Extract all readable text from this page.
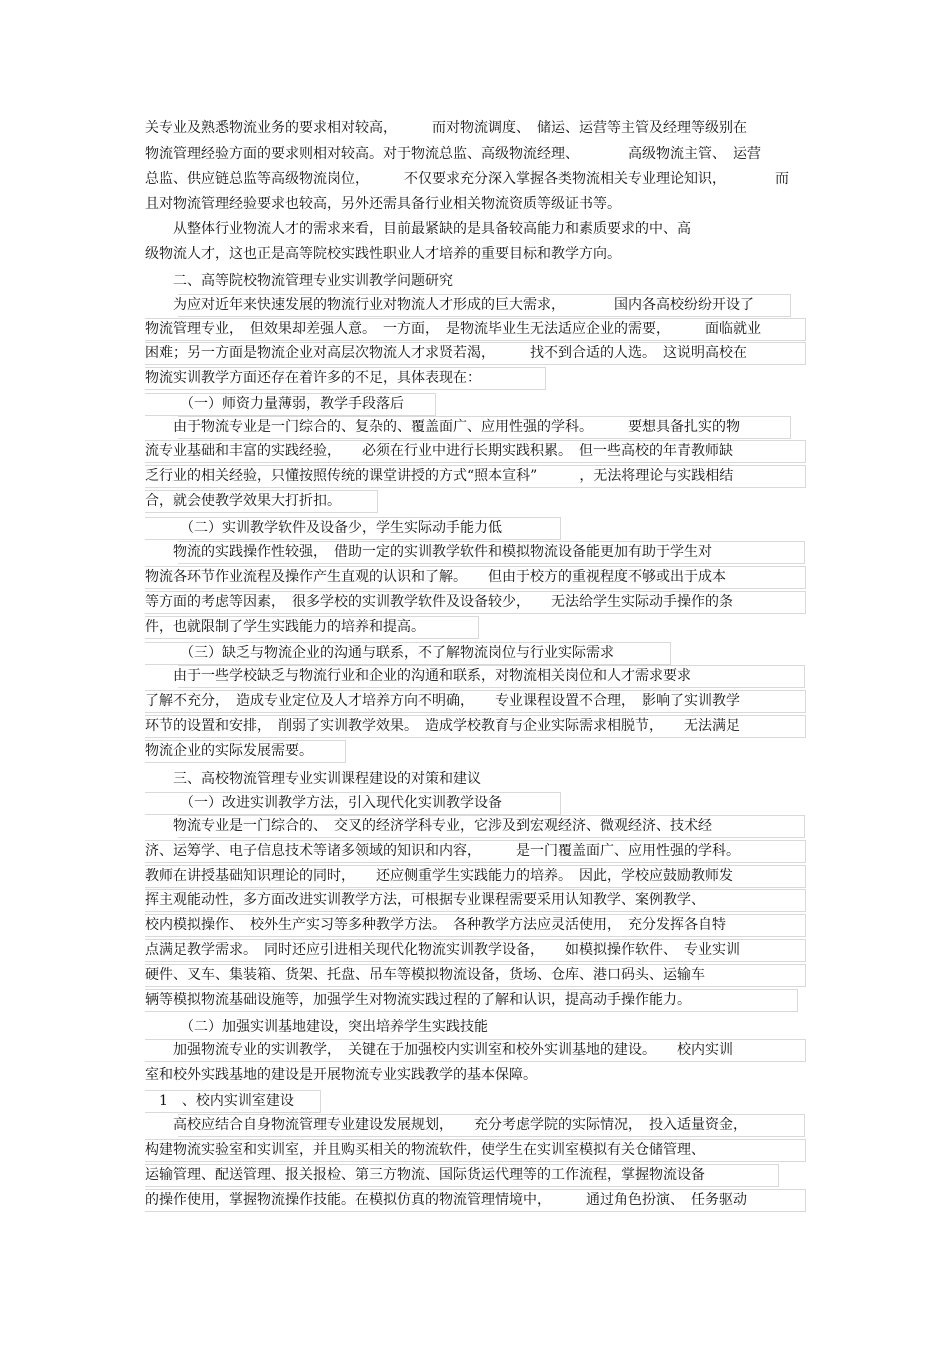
关专业及熟悉物流业务的要求相对较高，　　　而对物流调度、　储运、运营等主管及经理等级别在
物流管理经验方面的要求则相对较高。对于物流总监、高级物流经理、　　　　高级物流主管、　运营
总监、供应链总监等高级物流岗位，　　　不仅要求充分深入掌握各类物流相关专业理论知识，　　　　而
且对物流管理经验要求也较高，另外还需具备行业相关物流资质等级证书等。
　　从整体行业物流人才的需求来看，目前最紧缺的是具备较高能力和素质要求的中、高
级物流人才，这也正是高等院校实践性职业人才培养的重要目标和教学方向。
　　二、高等院校物流管理专业实训教学问题研究
　　为应对近年来快速发展的物流行业对物流人才形成的巨大需求，　　　　国内各高校纷纷开设了
物流管理专业，　但效果却差强人意。　一方面，　是物流毕业生无法适应企业的需要，　　　面临就业
困难；另一方面是物流企业对高层次物流人才求贤若渴，　　　找不到合适的人选。　这说明高校在
物流实训教学方面还存在着许多的不足，具体表现在：
　　　（一）师资力量薄弱，教学手段落后
　　由于物流专业是一门综合的、复杂的、覆盖面广、应用性强的学科。　　　要想具备扎实的物
流专业基础和丰富的实践经验，　　必须在行业中进行长期实践积累。　但一些高校的年青教师缺
乏行业的相关经验，只懂按照传统的课堂讲授的方式“照本宣科”　　　，无法将理论与实践相结
合，就会使教学效果大打折扣。
　　　（二）实训教学软件及设备少，学生实际动手能力低
　　物流的实践操作性较强，　借助一定的实训教学软件和模拟物流设备能更加有助于学生对
物流各环节作业流程及操作产生直观的认识和了解。　　但由于校方的重视程度不够或出于成本
等方面的考虑等因素，　很多学校的实训教学软件及设备较少，　　无法给学生实际动手操作的条
件，也就限制了学生实践能力的培养和提高。
　　　（三）缺乏与物流企业的沟通与联系，不了解物流岗位与行业实际需求
　　由于一些学校缺乏与物流行业和企业的沟通和联系，对物流相关岗位和人才需求要求
了解不充分，　造成专业定位及人才培养方向不明确，　　专业课程设置不合理，　影响了实训教学
环节的设置和安排，　削弱了实训教学效果。　造成学校教育与企业实际需求相脱节，　　无法满足
物流企业的实际发展需要。
　　三、高校物流管理专业实训课程建设的对策和建议
　　　（一）改进实训教学方法，引入现代化实训教学设备
　　物流专业是一门综合的、　交叉的经济学科专业，它涉及到宏观经济、微观经济、技术经
济、运筹学、电子信息技术等诸多领域的知识和内容，　　　是一门覆盖面广、应用性强的学科。
教师在讲授基础知识理论的同时，　　还应侧重学生实践能力的培养。　因此，学校应鼓励教师发
挥主观能动性，多方面改进实训教学方法，可根据专业课程需要采用认知教学、案例教学、
校内模拟操作、　校外生产实习等多种教学方法。　各种教学方法应灵活使用，　充分发挥各自特
点满足教学需求。　同时还应引进相关现代化物流实训教学设备，　　如模拟操作软件、　专业实训
硬件、叉车、集装箱、货架、托盘、吊车等模拟物流设备，货场、仓库、港口码头、运输车
辆等模拟物流基础设施等，加强学生对物流实践过程的了解和认识，提高动手操作能力。
　　　（二）加强实训基地建设，突出培养学生实践技能
　　加强物流专业的实训教学，　关键在于加强校内实训室和校外实训基地的建设。　　校内实训
室和校外实践基地的建设是开展物流专业实践教学的基本保障。
　1　、校内实训室建设
　　高校应结合自身物流管理专业建设发展规划，　　充分考虑学院的实际情况，　投入适量资金，
构建物流实验室和实训室，并且购买相关的物流软件，使学生在实训室模拟有关仓储管理、
运输管理、配送管理、报关报检、第三方物流、国际货运代理等的工作流程，掌握物流设备
的操作使用，掌握物流操作技能。在模拟仿真的物流管理情境中，　　　通过角色扮演、　任务驱动
